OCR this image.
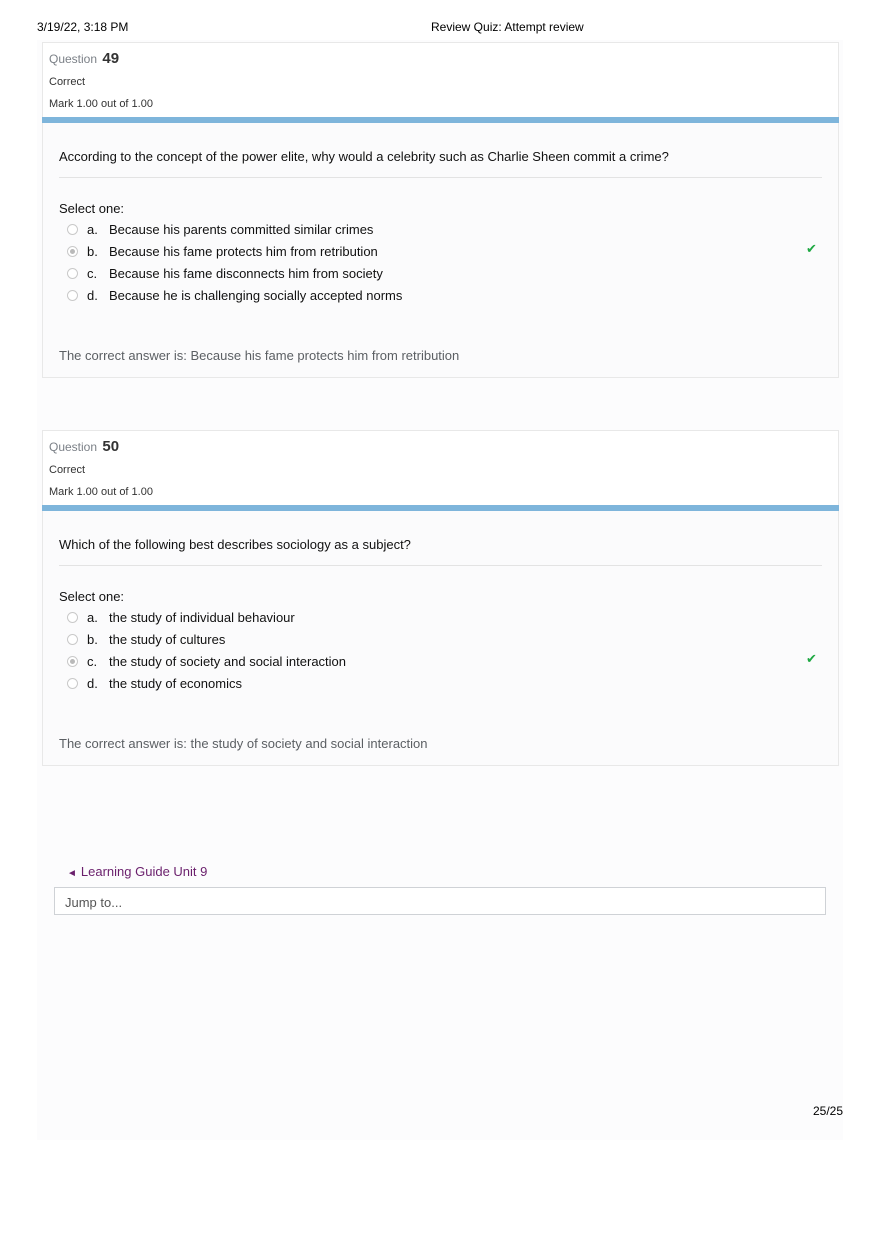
3/19/22, 3:18 PM	Review Quiz: Attempt review
Question 49
Correct
Mark 1.00 out of 1.00
According to the concept of the power elite, why would a celebrity such as Charlie Sheen commit a crime?
Select one:
a. Because his parents committed similar crimes
b. Because his fame protects him from retribution	✔
c. Because his fame disconnects him from society
d. Because he is challenging socially accepted norms
The correct answer is: Because his fame protects him from retribution
Question 50
Correct
Mark 1.00 out of 1.00
Which of the following best describes sociology as a subject?
Select one:
a. the study of individual behaviour
b. the study of cultures
c. the study of society and social interaction	✔
d. the study of economics
The correct answer is: the study of society and social interaction
◄ Learning Guide Unit 9
Jump to...
25/25
